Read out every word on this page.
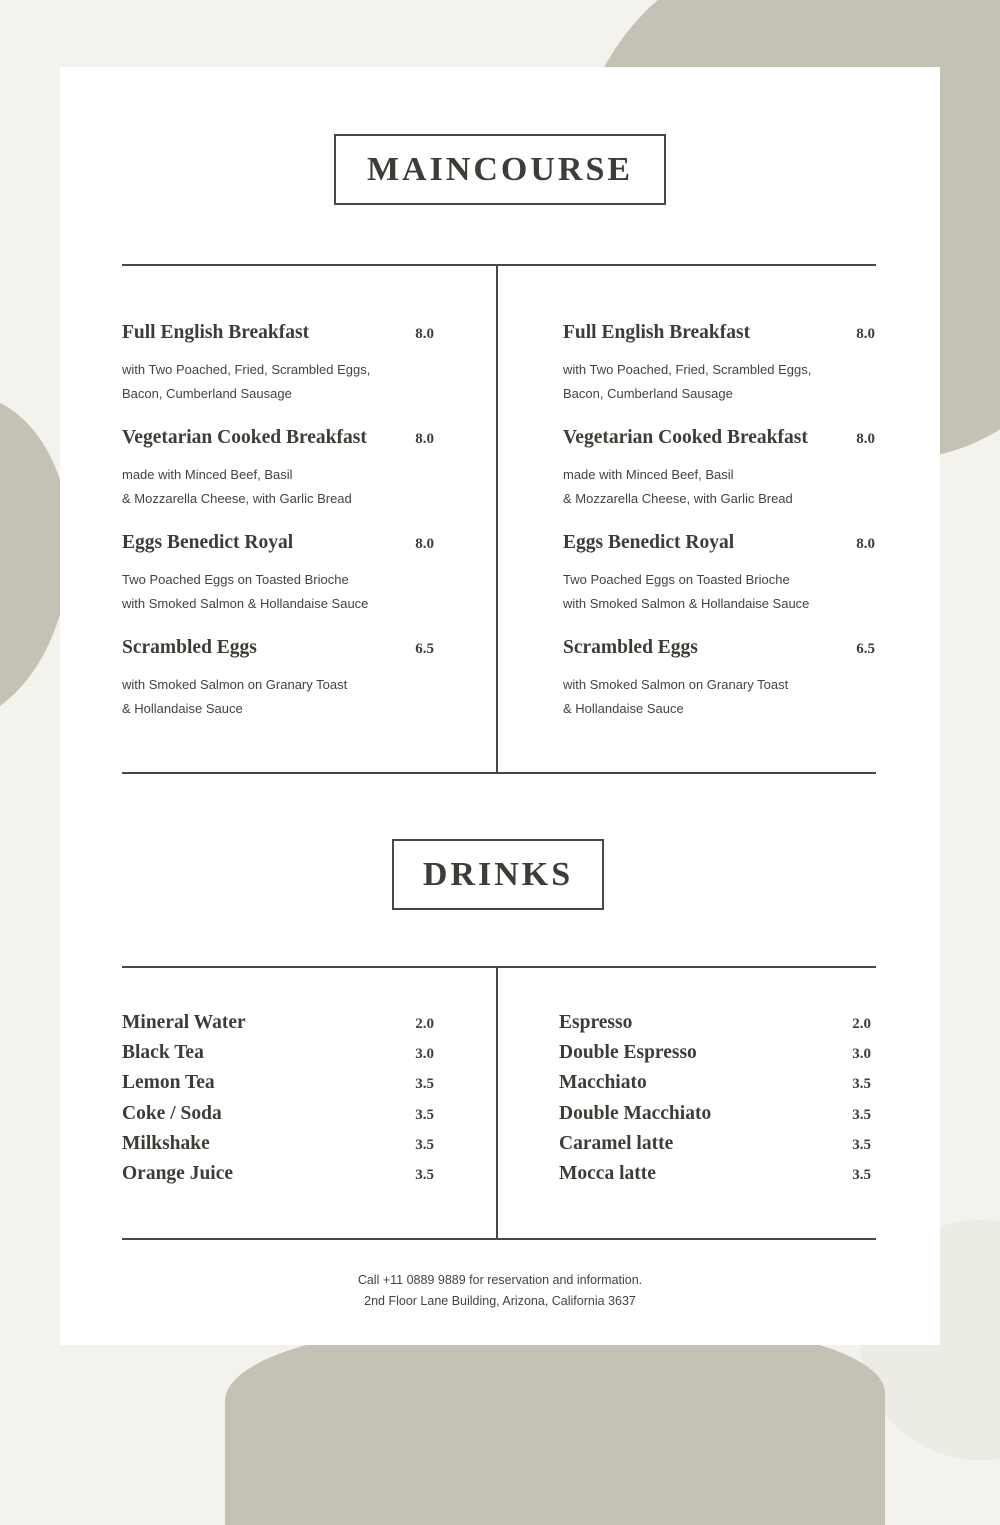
MAINCOURSE
Full English Breakfast	8.0
with Two Poached, Fried, Scrambled Eggs,
Bacon, Cumberland Sausage
Vegetarian Cooked Breakfast	8.0
made with Minced Beef, Basil
& Mozzarella Cheese, with Garlic Bread
Eggs Benedict Royal	8.0
Two Poached Eggs on Toasted Brioche
with Smoked Salmon & Hollandaise Sauce
Scrambled Eggs	6.5
with Smoked Salmon on Granary Toast
& Hollandaise Sauce
Full English Breakfast	8.0
with Two Poached, Fried, Scrambled Eggs,
Bacon, Cumberland Sausage
Vegetarian Cooked Breakfast	8.0
made with Minced Beef, Basil
& Mozzarella Cheese, with Garlic Bread
Eggs Benedict Royal	8.0
Two Poached Eggs on Toasted Brioche
with Smoked Salmon & Hollandaise Sauce
Scrambled Eggs	6.5
with Smoked Salmon on Granary Toast
& Hollandaise Sauce
DRINKS
Mineral Water	2.0
Black Tea	3.0
Lemon Tea	3.5
Coke / Soda	3.5
Milkshake	3.5
Orange Juice	3.5
Espresso	2.0
Double Espresso	3.0
Macchiato	3.5
Double Macchiato	3.5
Caramel latte	3.5
Mocca latte	3.5
Call +11 0889 9889 for reservation and information.
2nd Floor Lane Building, Arizona, California 3637
